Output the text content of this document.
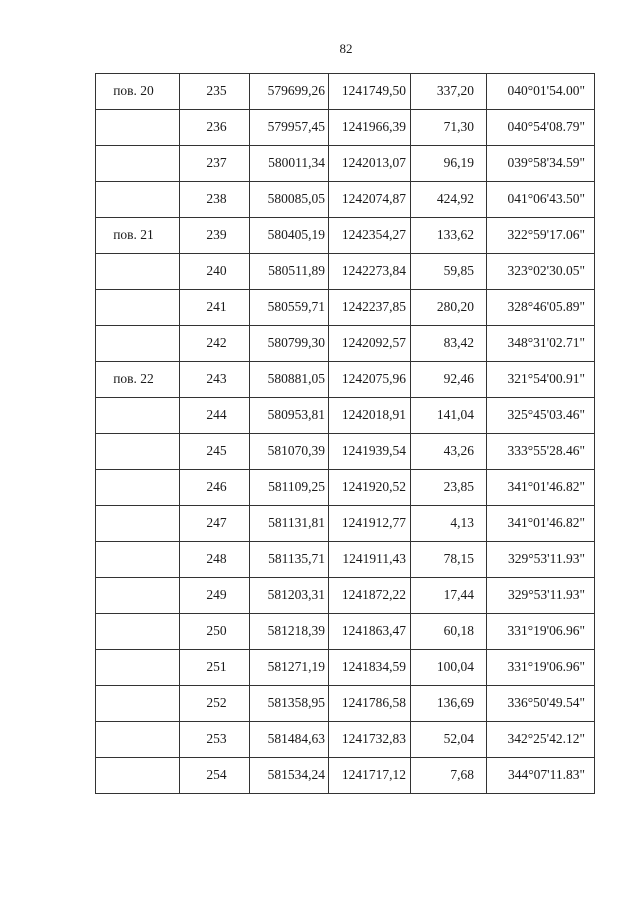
82
пов. 20	235	579699,26	1241749,50	337,20	040°01'54.00"

	236	579957,45	1241966,39	71,30	040°54'08.79"

	237	580011,34	1242013,07	96,19	039°58'34.59"

	238	580085,05	1242074,87	424,92	041°06'43.50"

пов. 21	239	580405,19	1242354,27	133,62	322°59'17.06"

	240	580511,89	1242273,84	59,85	323°02'30.05"

	241	580559,71	1242237,85	280,20	328°46'05.89"

	242	580799,30	1242092,57	83,42	348°31'02.71"

пов. 22	243	580881,05	1242075,96	92,46	321°54'00.91"

	244	580953,81	1242018,91	141,04	325°45'03.46"

	245	581070,39	1241939,54	43,26	333°55'28.46"

	246	581109,25	1241920,52	23,85	341°01'46.82"

	247	581131,81	1241912,77	4,13	341°01'46.82"

	248	581135,71	1241911,43	78,15	329°53'11.93"

	249	581203,31	1241872,22	17,44	329°53'11.93"

	250	581218,39	1241863,47	60,18	331°19'06.96"

	251	581271,19	1241834,59	100,04	331°19'06.96"

	252	581358,95	1241786,58	136,69	336°50'49.54"

	253	581484,63	1241732,83	52,04	342°25'42.12"

	254	581534,24	1241717,12	7,68	344°07'11.83"
